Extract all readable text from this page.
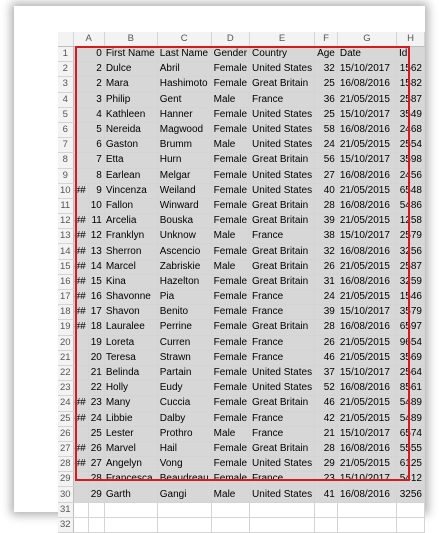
	A		B	C	D	E	F	G	H
1	0		First Name	Last Name	Gender	Country	Age	Date	Id
2	2		Dulce	Abril	Female	United States	32	15/10/2017	1562
3	2		Mara	Hashimoto	Female	Great Britain	25	16/08/2016	1582
4	3		Philip	Gent	Male	France	36	21/05/2015	2587
5	4		Kathleen	Hanner	Female	United States	25	15/10/2017	3549
6	5		Nereida	Magwood	Female	United States	58	16/08/2016	2468
7	6		Gaston	Brumm	Male	United States	24	21/05/2015	2554
8	7		Etta	Hurn	Female	Great Britain	56	15/10/2017	3598
9	8		Earlean	Melgar	Female	United States	27	16/08/2016	2456
10	##	9	Vincenza	Weiland	Female	United States	40	21/05/2015	6548
11		10	Fallon	Winward	Female	Great Britain	28	16/08/2016	5486
12	##	11	Arcelia	Bouska	Female	Great Britain	39	21/05/2015	1258
13	##	12	Franklyn	Unknow	Male	France	38	15/10/2017	2579
14	##	13	Sherron	Ascencio	Female	Great Britain	32	16/08/2016	3256
15	##	14	Marcel	Zabriskie	Male	Great Britain	26	21/05/2015	2587
16	##	15	Kina	Hazelton	Female	Great Britain	31	16/08/2016	3259
17	##	16	Shavonne	Pia	Female	France	24	21/05/2015	1546
18	##	17	Shavon	Benito	Female	France	39	15/10/2017	3579
19	##	18	Lauralee	Perrine	Female	Great Britain	28	16/08/2016	6597
20		19	Loreta	Curren	Female	France	26	21/05/2015	9654
21		20	Teresa	Strawn	Female	France	46	21/05/2015	3569
22		21	Belinda	Partain	Female	United States	37	15/10/2017	2564
23		22	Holly	Eudy	Female	United States	52	16/08/2016	8561
24	##	23	Many	Cuccia	Female	Great Britain	46	21/05/2015	5489
25	##	24	Libbie	Dalby	Female	France	42	21/05/2015	5489
26		25	Lester	Prothro	Male	France	21	15/10/2017	6574
27	##	26	Marvel	Hail	Female	Great Britain	28	16/08/2016	5555
28	##	27	Angelyn	Vong	Female	United States	29	21/05/2015	6125
29		28	Francesca	Beaudreau	Female	France	23	15/10/2017	5412
30		29	Garth	Gangi	Male	United States	41	16/08/2016	3256
31									
32									
